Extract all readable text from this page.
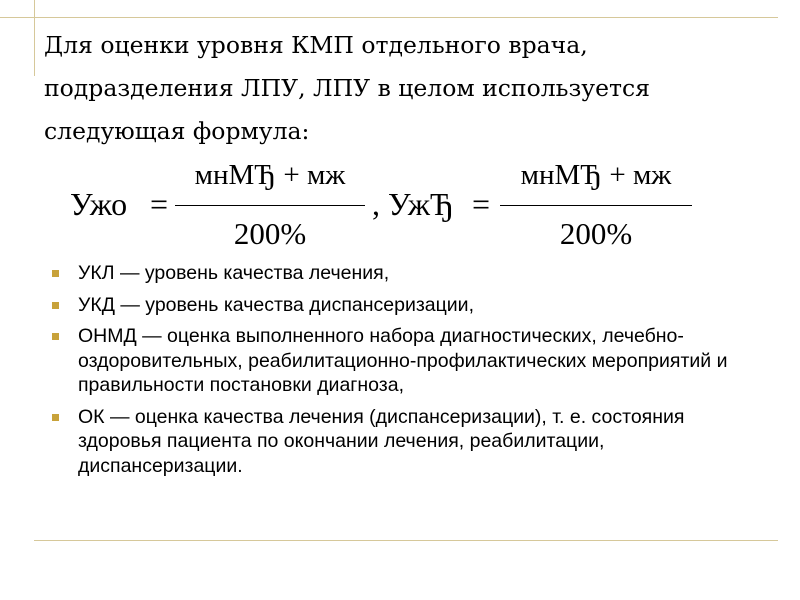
Для оценки уровня КМП отдельного врача, подразделения ЛПУ, ЛПУ в целом используется следующая формула:
Ужо =
мнМЂ + мж
200%
, УжЂ =
мнМЂ + мж
200%
УКЛ — уровень качества лечения,
УКД — уровень качества диспансеризации,
ОНМД — оценка выполненного набора диагностических, лечебно-оздоровительных, реабилитационно-профилактических мероприятий и правильности постановки диагноза,
ОК — оценка качества лечения (диспансеризации), т. е. состояния здоровья пациента по окончании лечения, реабилитации, диспансеризации.
